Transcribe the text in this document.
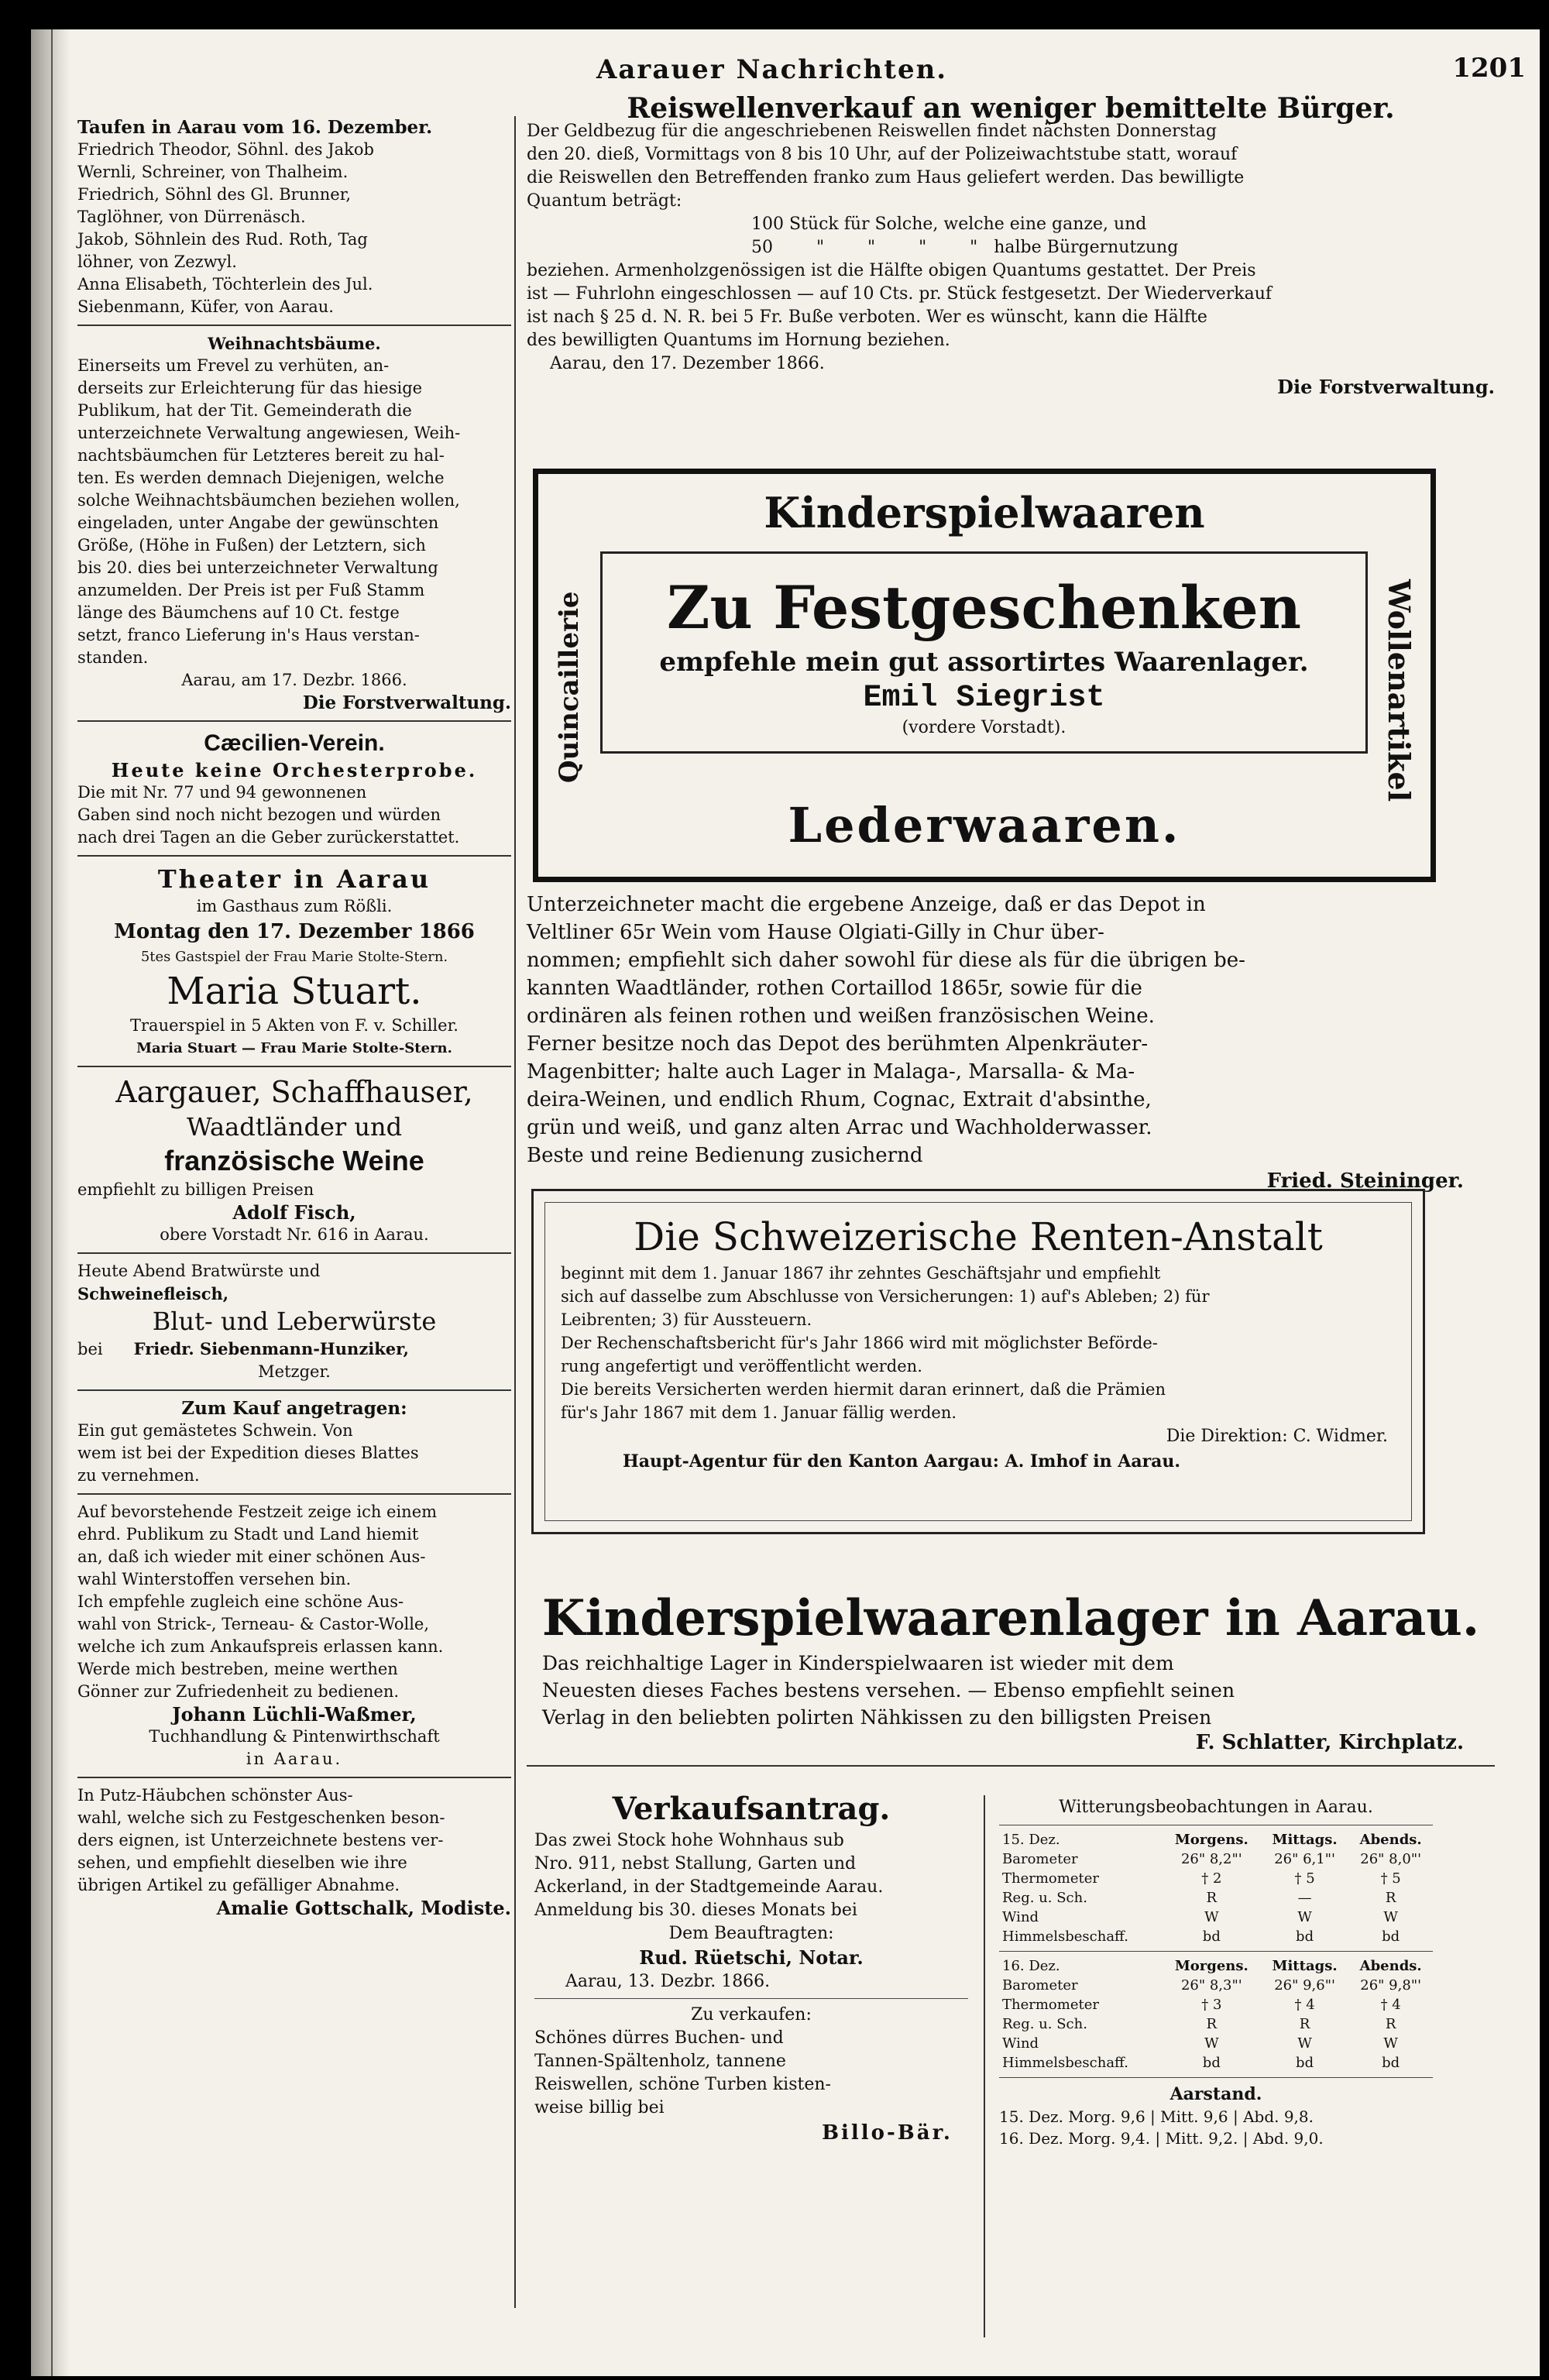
Aarauer Nachrichten.	1201

Taufen in Aarau vom 16. Dezember.

Friedrich Theodor, Söhnl. des Jakob

Wernli, Schreiner, von Thalheim.

Friedrich, Söhnl des Gl. Brunner,

Taglöhner, von Dürrenäsch.

Jakob, Söhnlein des Rud. Roth, Tag

löhner, von Zezwyl.

Anna Elisabeth, Töchterlein des Jul.

Siebenmann, Küfer, von Aarau.

Weihnachtsbäume.

Einerseits um Frevel zu verhüten, an-

derseits zur Erleichterung für das hiesige

Publikum, hat der Tit. Gemeinderath die

unterzeichnete Verwaltung angewiesen, Weih-

nachtsbäumchen für Letzteres bereit zu hal-

ten. Es werden demnach Diejenigen, welche

solche Weihnachtsbäumchen beziehen wollen,

eingeladen, unter Angabe der gewünschten

Größe, (Höhe in Fußen) der Letztern, sich

bis 20. dies bei unterzeichneter Verwaltung

anzumelden. Der Preis ist per Fuß Stamm

länge des Bäumchens auf 10 Ct. festge

setzt, franco Lieferung in's Haus verstan-

standen.

Aarau, am 17. Dezbr. 1866.

Die Forstverwaltung.

Cæcilien-Verein.

Heute keine Orchesterprobe.

Die mit Nr. 77 und 94 gewonnenen

Gaben sind noch nicht bezogen und würden

nach drei Tagen an die Geber zurückerstattet.

Theater in Aarau

im Gasthaus zum Rößli.

Montag den 17. Dezember 1866

5tes Gastspiel der Frau Marie Stolte-Stern.

Maria Stuart.

Trauerspiel in 5 Akten von F. v. Schiller.

Maria Stuart — Frau Marie Stolte-Stern.

Aargauer, Schaffhauser,

Waadtländer und

französische Weine

empfiehlt zu billigen Preisen

Adolf Fisch,

obere Vorstadt Nr. 616 in Aarau.

Heute Abend Bratwürste und

Schweinefleisch,

Blut- und Leberwürste

bei Friedr. Siebenmann-Hunziker,

Metzger.

Zum Kauf angetragen:

Ein gut gemästetes Schwein. Von

wem ist bei der Expedition dieses Blattes

zu vernehmen.

Auf bevorstehende Festzeit zeige ich einem

ehrd. Publikum zu Stadt und Land hiemit

an, daß ich wieder mit einer schönen Aus-

wahl Winterstoffen versehen bin.

Ich empfehle zugleich eine schöne Aus-

wahl von Strick-, Terneau- & Castor-Wolle,

welche ich zum Ankaufspreis erlassen kann.

Werde mich bestreben, meine werthen

Gönner zur Zufriedenheit zu bedienen.

Johann Lüchli-Waßmer,

Tuchhandlung & Pintenwirthschaft

in Aarau.

In Putz-Häubchen schönster Aus-

wahl, welche sich zu Festgeschenken beson-

ders eignen, ist Unterzeichnete bestens ver-

sehen, und empfiehlt dieselben wie ihre

übrigen Artikel zu gefälliger Abnahme.

Amalie Gottschalk, Modiste.

Reiswellenverkauf an weniger bemittelte Bürger.

Der Geldbezug für die angeschriebenen Reiswellen findet nächsten Donnerstag

den 20. dieß, Vormittags von 8 bis 10 Uhr, auf der Polizeiwachtstube statt, worauf

die Reiswellen den Betreffenden franko zum Haus geliefert werden. Das bewilligte

Quantum beträgt:

100 Stück für Solche, welche eine ganze, und

50        "        "        "        "   halbe Bürgernutzung

beziehen. Armenholzgenössigen ist die Hälfte obigen Quantums gestattet. Der Preis

ist — Fuhrlohn eingeschlossen — auf 10 Cts. pr. Stück festgesetzt. Der Wiederverkauf

ist nach § 25 d. N. R. bei 5 Fr. Buße verboten. Wer es wünscht, kann die Hälfte

des bewilligten Quantums im Hornung beziehen.

Aarau, den 17. Dezember 1866.

Die Forstverwaltung.

Kinderspielwaaren

Zu Festgeschenken

empfehle mein gut assortirtes Waarenlager.

Emil Siegrist

(vordere Vorstadt).

Quincaillerie	Wollenartikel

Lederwaaren.

Unterzeichneter macht die ergebene Anzeige, daß er das Depot in

Veltliner 65r Wein vom Hause Olgiati-Gilly in Chur über-

nommen; empfiehlt sich daher sowohl für diese als für die übrigen be-

kannten Waadtländer, rothen Cortaillod 1865r, sowie für die

ordinären als feinen rothen und weißen französischen Weine.

Ferner besitze noch das Depot des berühmten Alpenkräuter-

Magenbitter; halte auch Lager in Malaga-, Marsalla- & Ma-

deira-Weinen, und endlich Rhum, Cognac, Extrait d'absinthe,

grün und weiß, und ganz alten Arrac und Wachholderwasser.

Beste und reine Bedienung zusichernd

Fried. Steininger.

Die Schweizerische Renten-Anstalt

beginnt mit dem 1. Januar 1867 ihr zehntes Geschäftsjahr und empfiehlt

sich auf dasselbe zum Abschlusse von Versicherungen: 1) auf's Ableben; 2) für

Leibrenten; 3) für Aussteuern.

Der Rechenschaftsbericht für's Jahr 1866 wird mit möglichster Beförde-

rung angefertigt und veröffentlicht werden.

Die bereits Versicherten werden hiermit daran erinnert, daß die Prämien

für's Jahr 1867 mit dem 1. Januar fällig werden.

Die Direktion: C. Widmer.

Haupt-Agentur für den Kanton Aargau: A. Imhof in Aarau.

Kinderspielwaarenlager in Aarau.

Das reichhaltige Lager in Kinderspielwaaren ist wieder mit dem

Neuesten dieses Faches bestens versehen. — Ebenso empfiehlt seinen

Verlag in den beliebten polirten Nähkissen zu den billigsten Preisen

F. Schlatter, Kirchplatz.

Verkaufsantrag.

Das zwei Stock hohe Wohnhaus sub

Nro. 911, nebst Stallung, Garten und

Ackerland, in der Stadtgemeinde Aarau.

Anmeldung bis 30. dieses Monats bei

Dem Beauftragten:

Rud. Rüetschi, Notar.

Aarau, 13. Dezbr. 1866.

Zu verkaufen:

Schönes dürres Buchen- und

Tannen-Spältenholz, tannene

Reiswellen, schöne Turben kisten-

weise billig bei

Billo-Bär.

Witterungsbeobachtungen in Aarau.

15. Dez.	Morgens.	Mittags.	Abends.
Barometer	26" 8,2"'	26" 6,1"'	26" 8,0"'
Thermometer	† 2	† 5	† 5
Reg. u. Sch.	R	—	R
Wind	W	W	W
Himmelsbeschaff.	bd	bd	bd
16. Dez.	Morgens.	Mittags.	Abends.
Barometer	26" 8,3"'	26" 9,6"'	26" 9,8"'
Thermometer	† 3	† 4	† 4
Reg. u. Sch.	R	R	R
Wind	W	W	W
Himmelsbeschaff.	bd	bd	bd

Aarstand.

15. Dez. Morg. 9,6 | Mitt. 9,6 | Abd. 9,8.

16. Dez. Morg. 9,4. | Mitt. 9,2. | Abd. 9,0.
